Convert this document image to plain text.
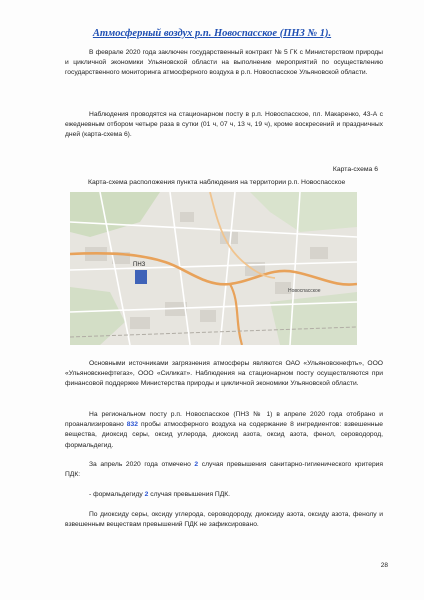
Атмосферный воздух р.п. Новоспасское (ПНЗ № 1).

В феврале 2020 года заключен государственный контракт № 5 ГК с Министерством природы и цикличной экономики Ульяновской области на выполнение мероприятий по осуществлению государственного мониторинга атмосферного воздуха в р.п. Новоспасское Ульяновской области.

Наблюдения проводятся на стационарном посту в р.п. Новоспасское, пл. Макаренко, 43-А с ежедневным отбором четыре раза в сутки (01 ч, 07 ч, 13 ч, 19 ч), кроме воскресений и праздничных дней (карта-схема 6).

Карта-схема 6
Карта-схема расположения пункта наблюдения на территории р.п. Новоспасское
ПНЗ
Новоспасское

Основными источниками загрязнения атмосферы являются ОАО «Ульяновскнефть», ООО «Ульяновскнефтегаз», ООО «Силикат». Наблюдения на стационарном посту осуществляются при финансовой поддержке Министерства природы и цикличной экономики Ульяновской области.

На региональном посту р.п. Новоспасское (ПНЗ № 1) в апреле 2020 года отобрано и проанализировано 832 пробы атмосферного воздуха на содержание 8 ингредиентов: взвешенные вещества, диоксид серы, оксид углерода, диоксид азота, оксид азота, фенол, сероводород, формальдегид.

За апрель 2020 года отмечено 2 случая превышения санитарно-гигиенического критерия ПДК:

- формальдегиду 2 случая превышения ПДК.

По диоксиду серы, оксиду углерода, сероводороду, диоксиду азота, оксиду азота, фенолу и взвешенным веществам превышений ПДК не зафиксировано.

28
